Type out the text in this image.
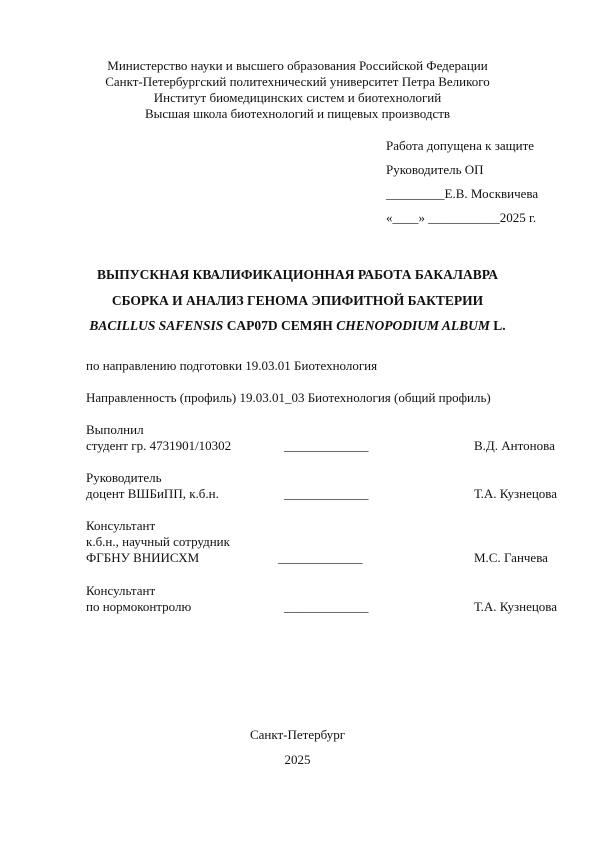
Министерство науки и высшего образования Российской Федерации
Санкт-Петербургский политехнический университет Петра Великого
Институт биомедицинских систем и биотехнологий
Высшая школа биотехнологий и пищевых производств
Работа допущена к защите
Руководитель ОП
_________Е.В. Москвичева
«____» ___________2025 г.
ВЫПУСКНАЯ КВАЛИФИКАЦИОННАЯ РАБОТА БАКАЛАВРА
СБОРКА И АНАЛИЗ ГЕНОМА ЭПИФИТНОЙ БАКТЕРИИ
BACILLUS SAFENSIS CAP07D СЕМЯН CHENOPODIUM ALBUM L.
по направлению подготовки 19.03.01 Биотехнология
Направленность (профиль) 19.03.01_03 Биотехнология (общий профиль)
Выполнил
студент гр. 4731901/10302	_____________	В.Д. Антонова
Руководитель
доцент ВШБиПП, к.б.н.	_____________	Т.А. Кузнецова
Консультант
к.б.н., научный сотрудник
ФГБНУ ВНИИСХМ	_____________	М.С. Ганчева
Консультант
по нормоконтролю	_____________	Т.А. Кузнецова
Санкт-Петербург
2025
